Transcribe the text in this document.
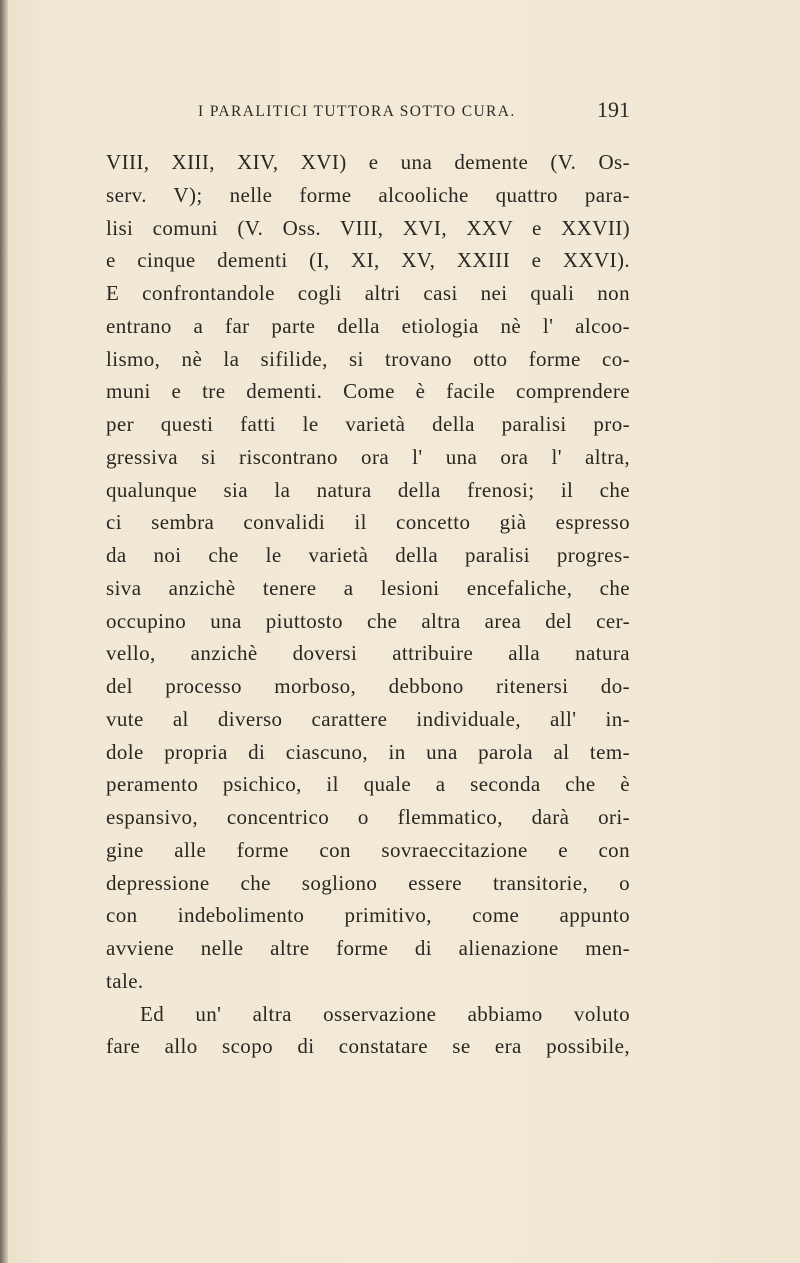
I PARALITICI TUTTORA SOTTO CURA.	191
VIII, XIII, XIV, XVI) e una demente (V. Os-
serv. V); nelle forme alcooliche quattro para-
lisi comuni (V. Oss. VIII, XVI, XXV e XXVII)
e cinque dementi (I, XI, XV, XXIII e XXVI).
E confrontandole cogli altri casi nei quali non
entrano a far parte della etiologia nè l' alcoo-
lismo, nè la sifilide, si trovano otto forme co-
muni e tre dementi. Come è facile comprendere
per questi fatti le varietà della paralisi pro-
gressiva si riscontrano ora l' una ora l' altra,
qualunque sia la natura della frenosi; il che
ci sembra convalidi il concetto già espresso
da noi che le varietà della paralisi progres-
siva anzichè tenere a lesioni encefaliche, che
occupino una piuttosto che altra area del cer-
vello, anzichè doversi attribuire alla natura
del processo morboso, debbono ritenersi do-
vute al diverso carattere individuale, all' in-
dole propria di ciascuno, in una parola al tem-
peramento psichico, il quale a seconda che è
espansivo, concentrico o flemmatico, darà ori-
gine alle forme con sovraeccitazione e con
depressione che sogliono essere transitorie, o
con indebolimento primitivo, come appunto
avviene nelle altre forme di alienazione men-
tale.
Ed un' altra osservazione abbiamo voluto
fare allo scopo di constatare se era possibile,
